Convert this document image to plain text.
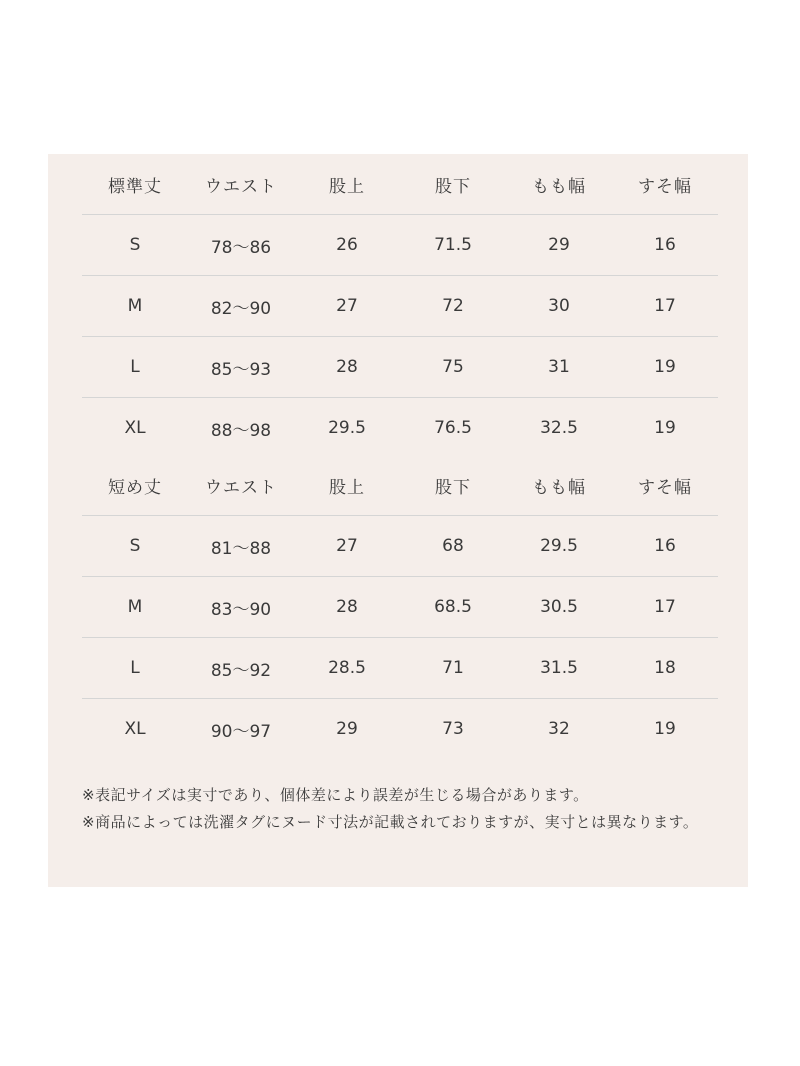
標準丈	ウエスト	股上	股下	もも幅	すそ幅
S	78〜86	26	71.5	29	16
M	82〜90	27	72	30	17
L	85〜93	28	75	31	19
XL	88〜98	29.5	76.5	32.5	19
短め丈	ウエスト	股上	股下	もも幅	すそ幅
S	81〜88	27	68	29.5	16
M	83〜90	28	68.5	30.5	17
L	85〜92	28.5	71	31.5	18
XL	90〜97	29	73	32	19

※表記サイズは実寸であり、個体差により誤差が生じる場合があります。

※商品によっては洗濯タグにヌード寸法が記載されておりますが、実寸とは異なります。
